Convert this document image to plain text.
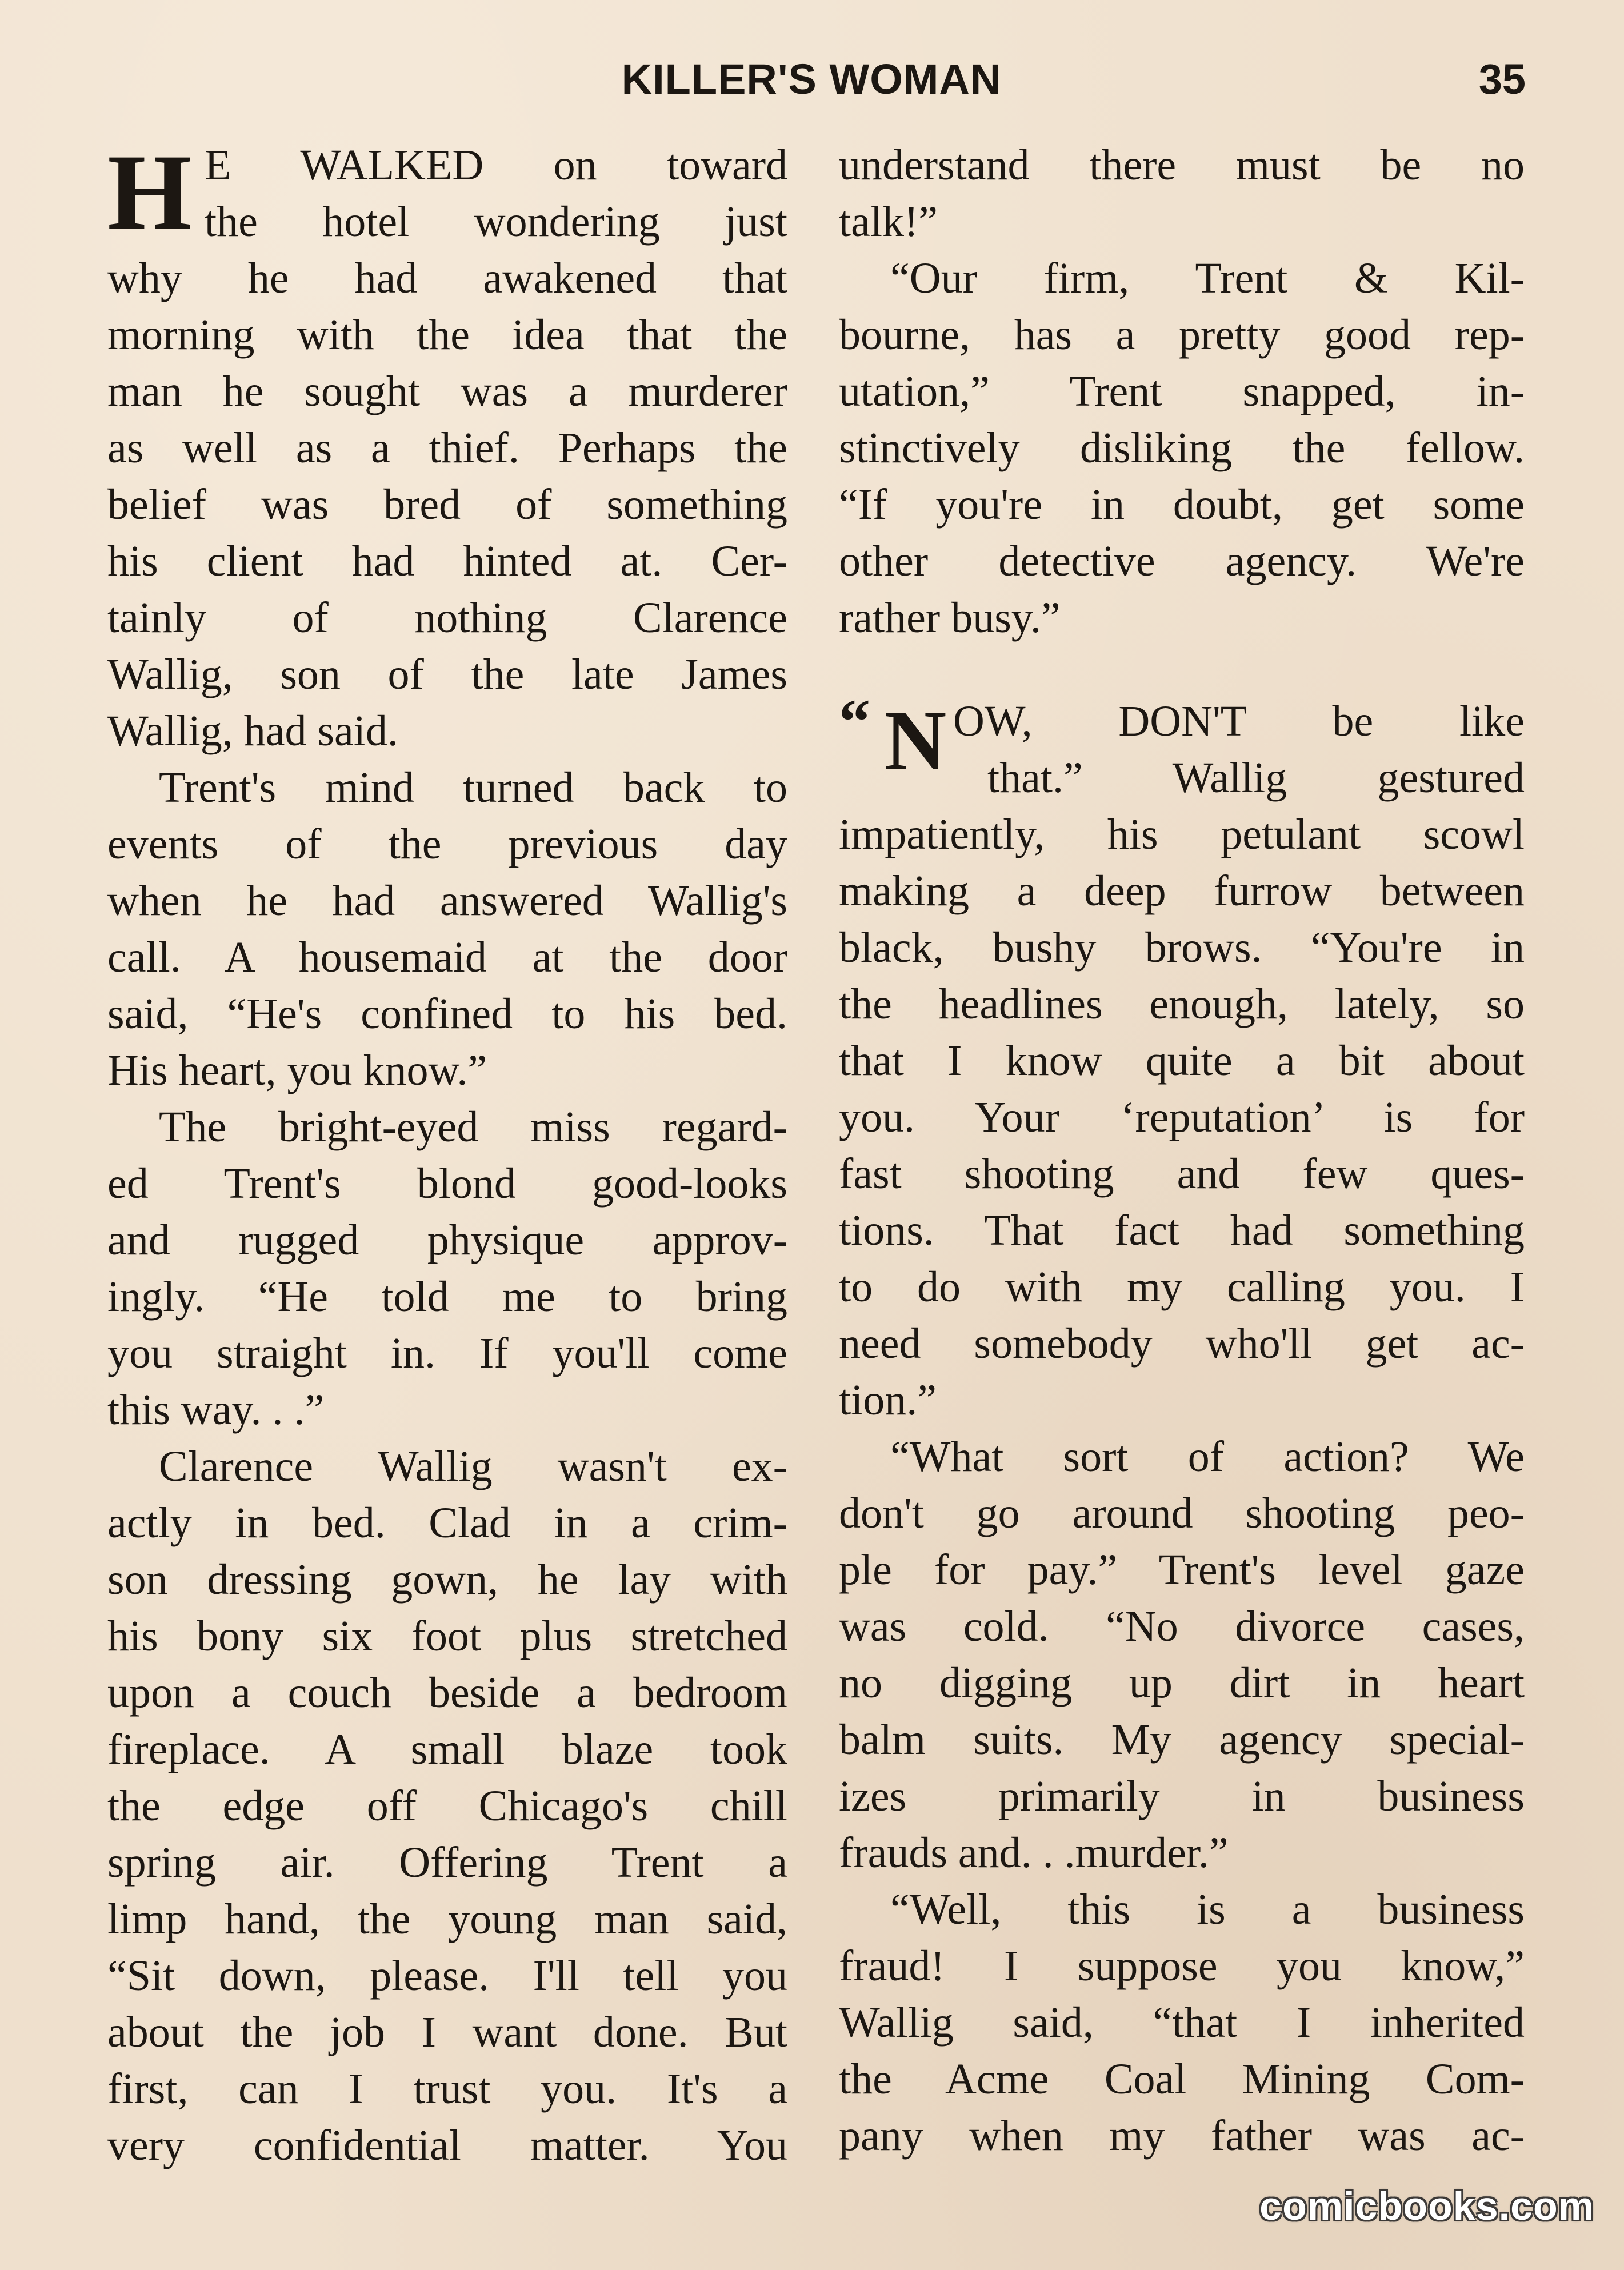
KILLER'S WOMAN	35
H E WALKED on toward
the hotel wondering just
why he had awakened that
morning with the idea that the
man he sought was a murderer
as well as a thief. Perhaps the
belief was bred of something
his client had hinted at. Cer-
tainly of nothing Clarence
Wallig, son of the late James
Wallig, had said.
Trent's mind turned back to
events of the previous day
when he had answered Wallig's
call. A housemaid at the door
said, “He's confined to his bed.
His heart, you know.”
The bright-eyed miss regard-
ed Trent's blond good-looks
and rugged physique approv-
ingly. “He told me to bring
you straight in. If you'll come
this way. . .”
Clarence Wallig wasn't ex-
actly in bed. Clad in a crim-
son dressing gown, he lay with
his bony six foot plus stretched
upon a couch beside a bedroom
fireplace. A small blaze took
the edge off Chicago's chill
spring air. Offering Trent a
limp hand, the young man said,
“Sit down, please. I'll tell you
about the job I want done. But
first, can I trust you. It's a
very confidential matter. You
understand there must be no
talk!”
“Our firm, Trent & Kil-
bourne, has a pretty good rep-
utation,” Trent snapped, in-
stinctively disliking the fellow.
“If you're in doubt, get some
other detective agency. We're
rather busy.”
“ N OW, DON'T be like
that.” Wallig gestured
impatiently, his petulant scowl
making a deep furrow between
black, bushy brows. “You're in
the headlines enough, lately, so
that I know quite a bit about
you. Your ‘reputation’ is for
fast shooting and few ques-
tions. That fact had something
to do with my calling you. I
need somebody who'll get ac-
tion.”
“What sort of action? We
don't go around shooting peo-
ple for pay.” Trent's level gaze
was cold. “No divorce cases,
no digging up dirt in heart
balm suits. My agency special-
izes primarily in business
frauds and. . .murder.”
“Well, this is a business
fraud! I suppose you know,”
Wallig said, “that I inherited
the Acme Coal Mining Com-
pany when my father was ac-
comicbooks.com
